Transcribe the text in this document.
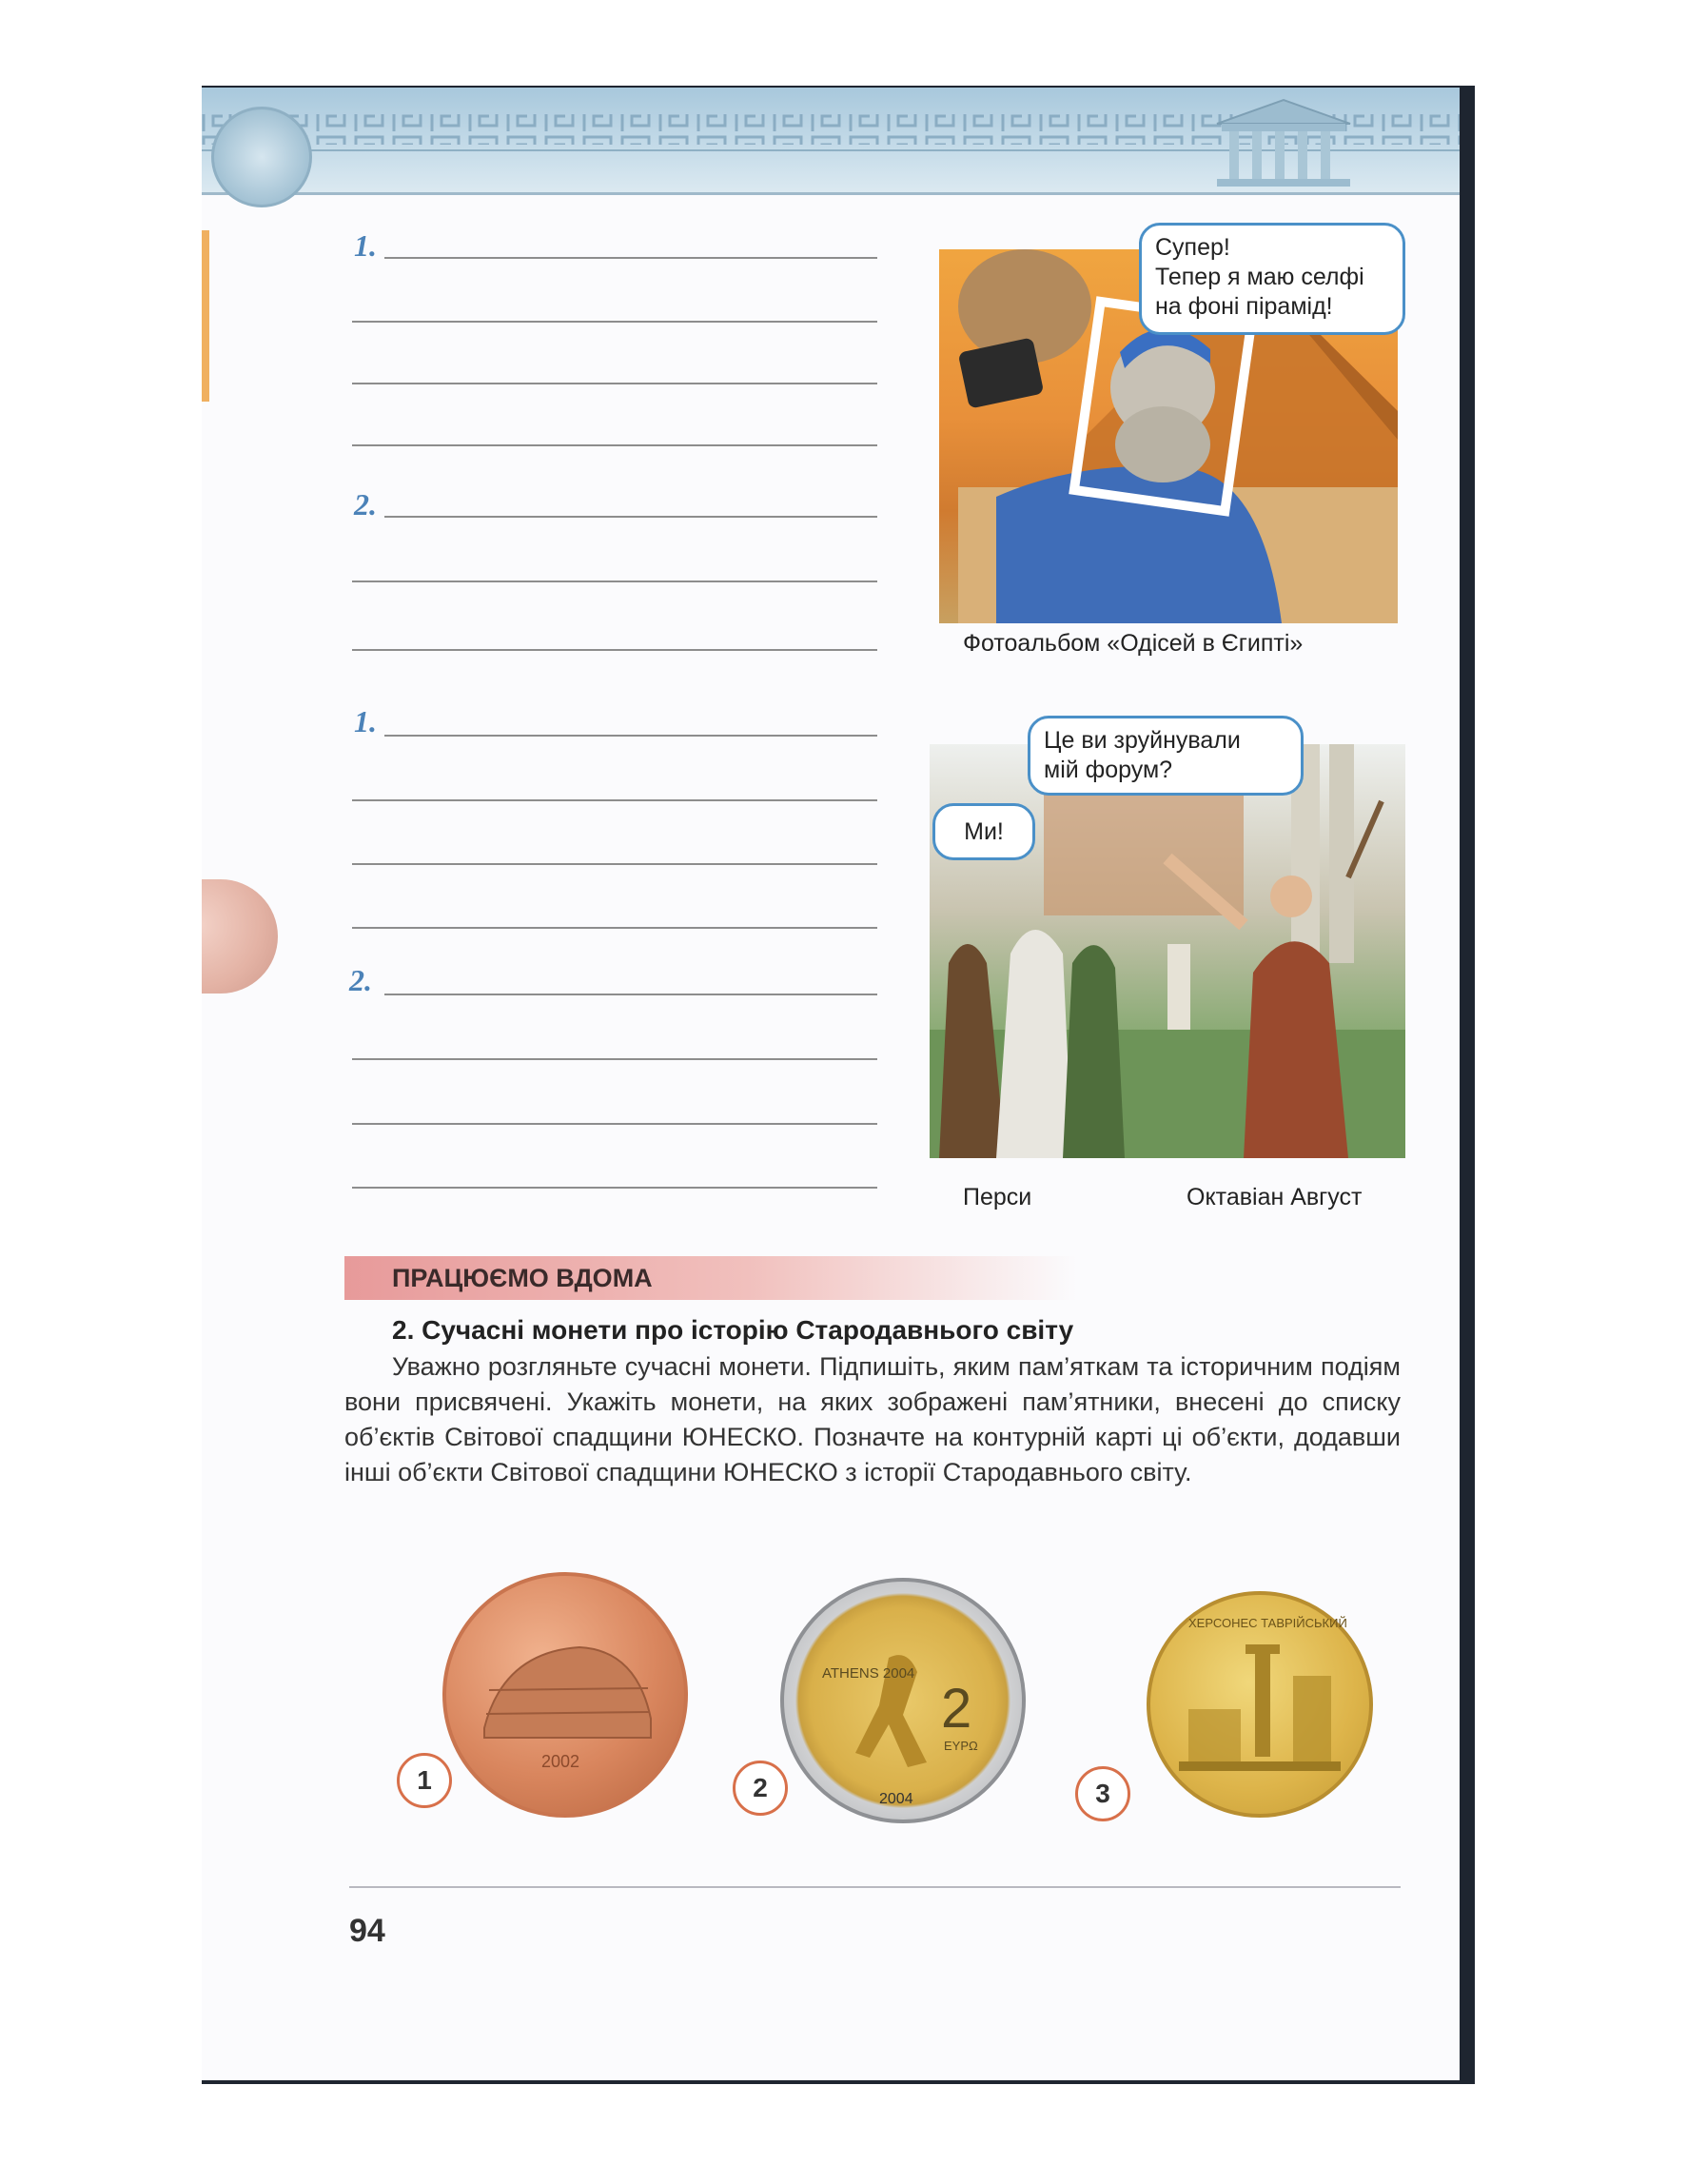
1.
2.
1.
2.
Супер!
Тепер я маю селфі
на фоні пірамід!
Фотоальбом «Одісей в Єгипті»
Це ви зруйнували
мій форум?
Ми!
Перси	Октавіан Август
ПРАЦЮЄМО ВДОМА
2. Сучасні монети про історію Стародавнього світу
Уважно розгляньте сучасні монети. Підпишіть, яким пам’яткам та історичним подіям вони присвячені. Укажіть монети, на яких зображені пам’ятники, внесені до списку об’єктів Світової спадщини ЮНЕСКО. Позначте на контурній карті ці об’єкти, додавши інші об’єкти Світової спадщини ЮНЕСКО з історії Стародавнього світу.
2002
1
ATHENS 2004
2
ΕΥΡΩ
2004
2
ХЕРСОНЕС ТАВРІЙСЬКИЙ
3
94
